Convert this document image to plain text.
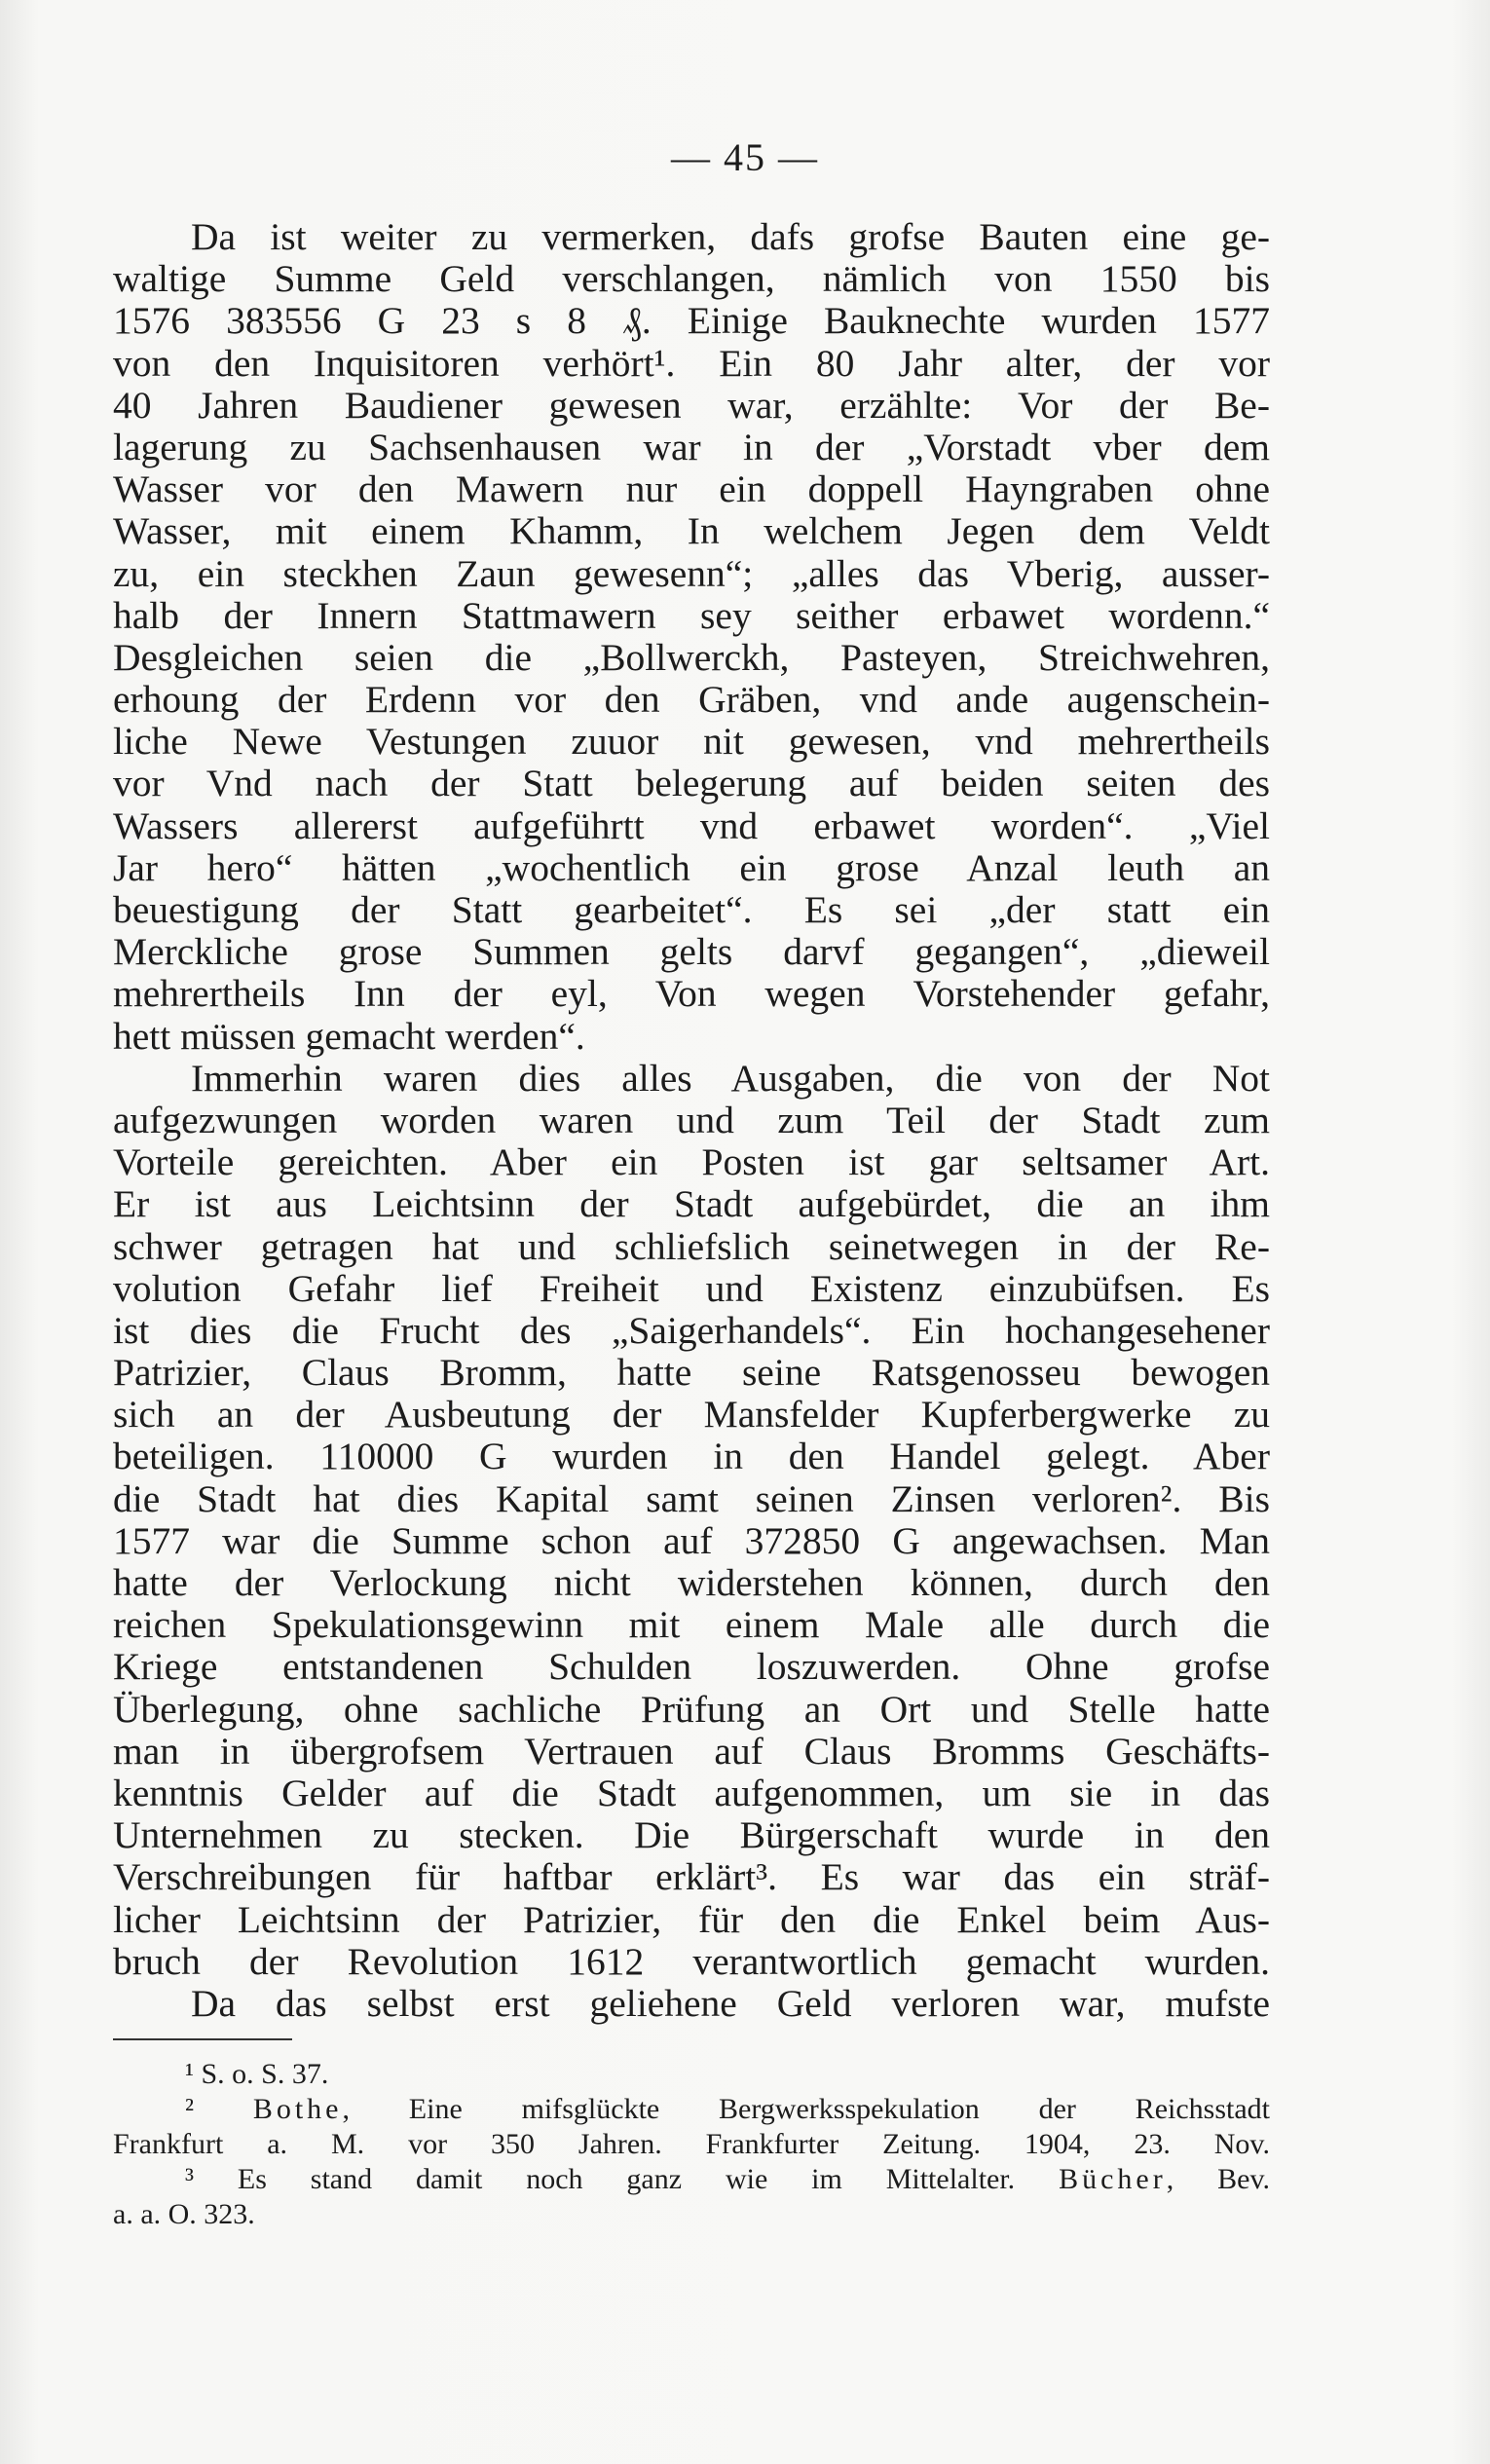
— 45 —
Da ist weiter zu vermerken, dafs grofse Bauten eine ge-
waltige Summe Geld verschlangen, nämlich von 1550 bis
1576 383556 G 23 s 8 ₰. Einige Bauknechte wurden 1577
von den Inquisitoren verhört¹. Ein 80 Jahr alter, der vor
40 Jahren Baudiener gewesen war, erzählte: Vor der Be-
lagerung zu Sachsenhausen war in der „Vorstadt vber dem
Wasser vor den Mawern nur ein doppell Hayngraben ohne
Wasser, mit einem Khamm, In welchem Jegen dem Veldt
zu, ein steckhen Zaun gewesenn“; „alles das Vberig, ausser-
halb der Innern Stattmawern sey seither erbawet wordenn.“
Desgleichen seien die „Bollwerckh, Pasteyen, Streichwehren,
erhoung der Erdenn vor den Gräben, vnd ande augenschein-
liche Newe Vestungen zuuor nit gewesen, vnd mehrertheils
vor Vnd nach der Statt belegerung auf beiden seiten des
Wassers allererst aufgeführtt vnd erbawet worden“. „Viel
Jar hero“ hätten „wochentlich ein grose Anzal leuth an
beuestigung der Statt gearbeitet“. Es sei „der statt ein
Merckliche grose Summen gelts darvf gegangen“, „dieweil
mehrertheils Inn der eyl, Von wegen Vorstehender gefahr,
hett müssen gemacht werden“.
Immerhin waren dies alles Ausgaben, die von der Not
aufgezwungen worden waren und zum Teil der Stadt zum
Vorteile gereichten. Aber ein Posten ist gar seltsamer Art.
Er ist aus Leichtsinn der Stadt aufgebürdet, die an ihm
schwer getragen hat und schliefslich seinetwegen in der Re-
volution Gefahr lief Freiheit und Existenz einzubüfsen. Es
ist dies die Frucht des „Saigerhandels“. Ein hochangesehener
Patrizier, Claus Bromm, hatte seine Ratsgenosseu bewogen
sich an der Ausbeutung der Mansfelder Kupferbergwerke zu
beteiligen. 110000 G wurden in den Handel gelegt. Aber
die Stadt hat dies Kapital samt seinen Zinsen verloren². Bis
1577 war die Summe schon auf 372850 G angewachsen. Man
hatte der Verlockung nicht widerstehen können, durch den
reichen Spekulationsgewinn mit einem Male alle durch die
Kriege entstandenen Schulden loszuwerden. Ohne grofse
Überlegung, ohne sachliche Prüfung an Ort und Stelle hatte
man in übergrofsem Vertrauen auf Claus Bromms Geschäfts-
kenntnis Gelder auf die Stadt aufgenommen, um sie in das
Unternehmen zu stecken. Die Bürgerschaft wurde in den
Verschreibungen für haftbar erklärt³. Es war das ein sträf-
licher Leichtsinn der Patrizier, für den die Enkel beim Aus-
bruch der Revolution 1612 verantwortlich gemacht wurden.
Da das selbst erst geliehene Geld verloren war, mufste
¹ S. o. S. 37.
² Bothe, Eine mifsglückte Bergwerksspekulation der Reichsstadt
Frankfurt a. M. vor 350 Jahren. Frankfurter Zeitung. 1904, 23. Nov.
³ Es stand damit noch ganz wie im Mittelalter. Bücher, Bev.
a. a. O. 323.
